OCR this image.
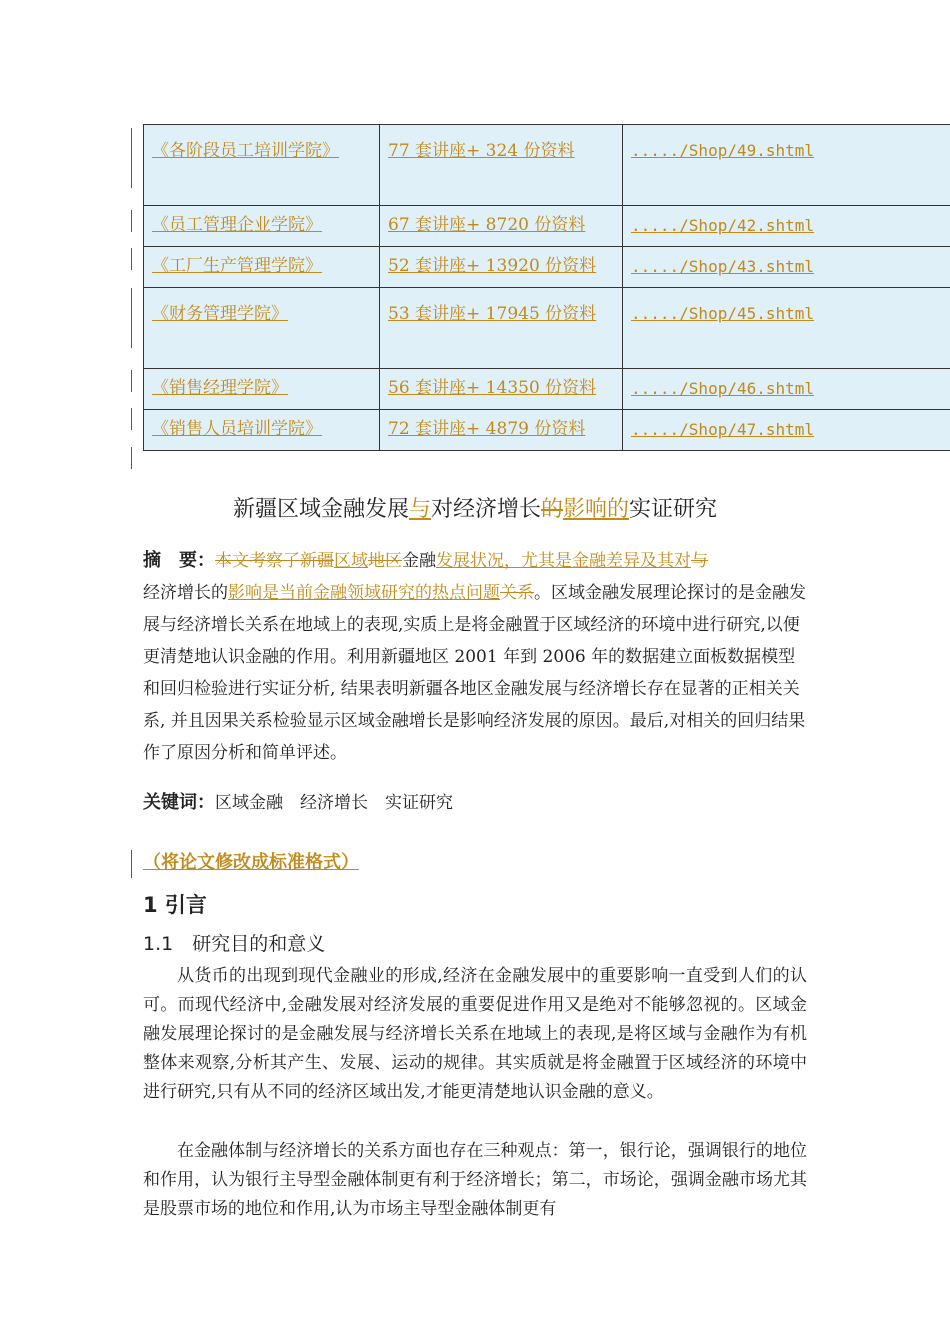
《各阶段员工培训学院》	77 套讲座+ 324 份资料	...../Shop/49.shtml
《员工管理企业学院》	67 套讲座+ 8720 份资料	...../Shop/42.shtml
《工厂生产管理学院》	52 套讲座+ 13920 份资料	...../Shop/43.shtml
《财务管理学院》	53 套讲座+ 17945 份资料	...../Shop/45.shtml
《销售经理学院》	56 套讲座+ 14350 份资料	...../Shop/46.shtml
《销售人员培训学院》	72 套讲座+ 4879 份资料	...../Shop/47.shtml
新疆区域金融发展与对经济增长的影响的实证研究
摘　要：本文考察了新疆区域地区金融发展状况，尤其是金融差异及其对与
经济增长的影响是当前金融领域研究的热点问题关系。区域金融发展理论探讨的是金融发展与经济增长关系在地域上的表现,实质上是将金融置于区域经济的环境中进行研究,以便更清楚地认识金融的作用。利用新疆地区 2001 年到 2006 年的数据建立面板数据模型和回归检验进行实证分析, 结果表明新疆各地区金融发展与经济增长存在显著的正相关关系, 并且因果关系检验显示区域金融增长是影响经济发展的原因。最后,对相关的回归结果作了原因分析和简单评述。
关键词：区域金融　经济增长　实证研究
（将论文修改成标准格式）
1 引言
1.1　研究目的和意义

从货币的出现到现代金融业的形成,经济在金融发展中的重要影响一直受到人们的认可。而现代经济中,金融发展对经济发展的重要促进作用又是绝对不能够忽视的。区域金融发展理论探讨的是金融发展与经济增长关系在地域上的表现,是将区域与金融作为有机整体来观察,分析其产生、发展、运动的规律。其实质就是将金融置于区域经济的环境中进行研究,只有从不同的经济区域出发,才能更清楚地认识金融的意义。

在金融体制与经济增长的关系方面也存在三种观点：第一，银行论，强调银行的地位和作用，认为银行主导型金融体制更有利于经济增长；第二，市场论，强调金融市场尤其是股票市场的地位和作用,认为市场主导型金融体制更有
